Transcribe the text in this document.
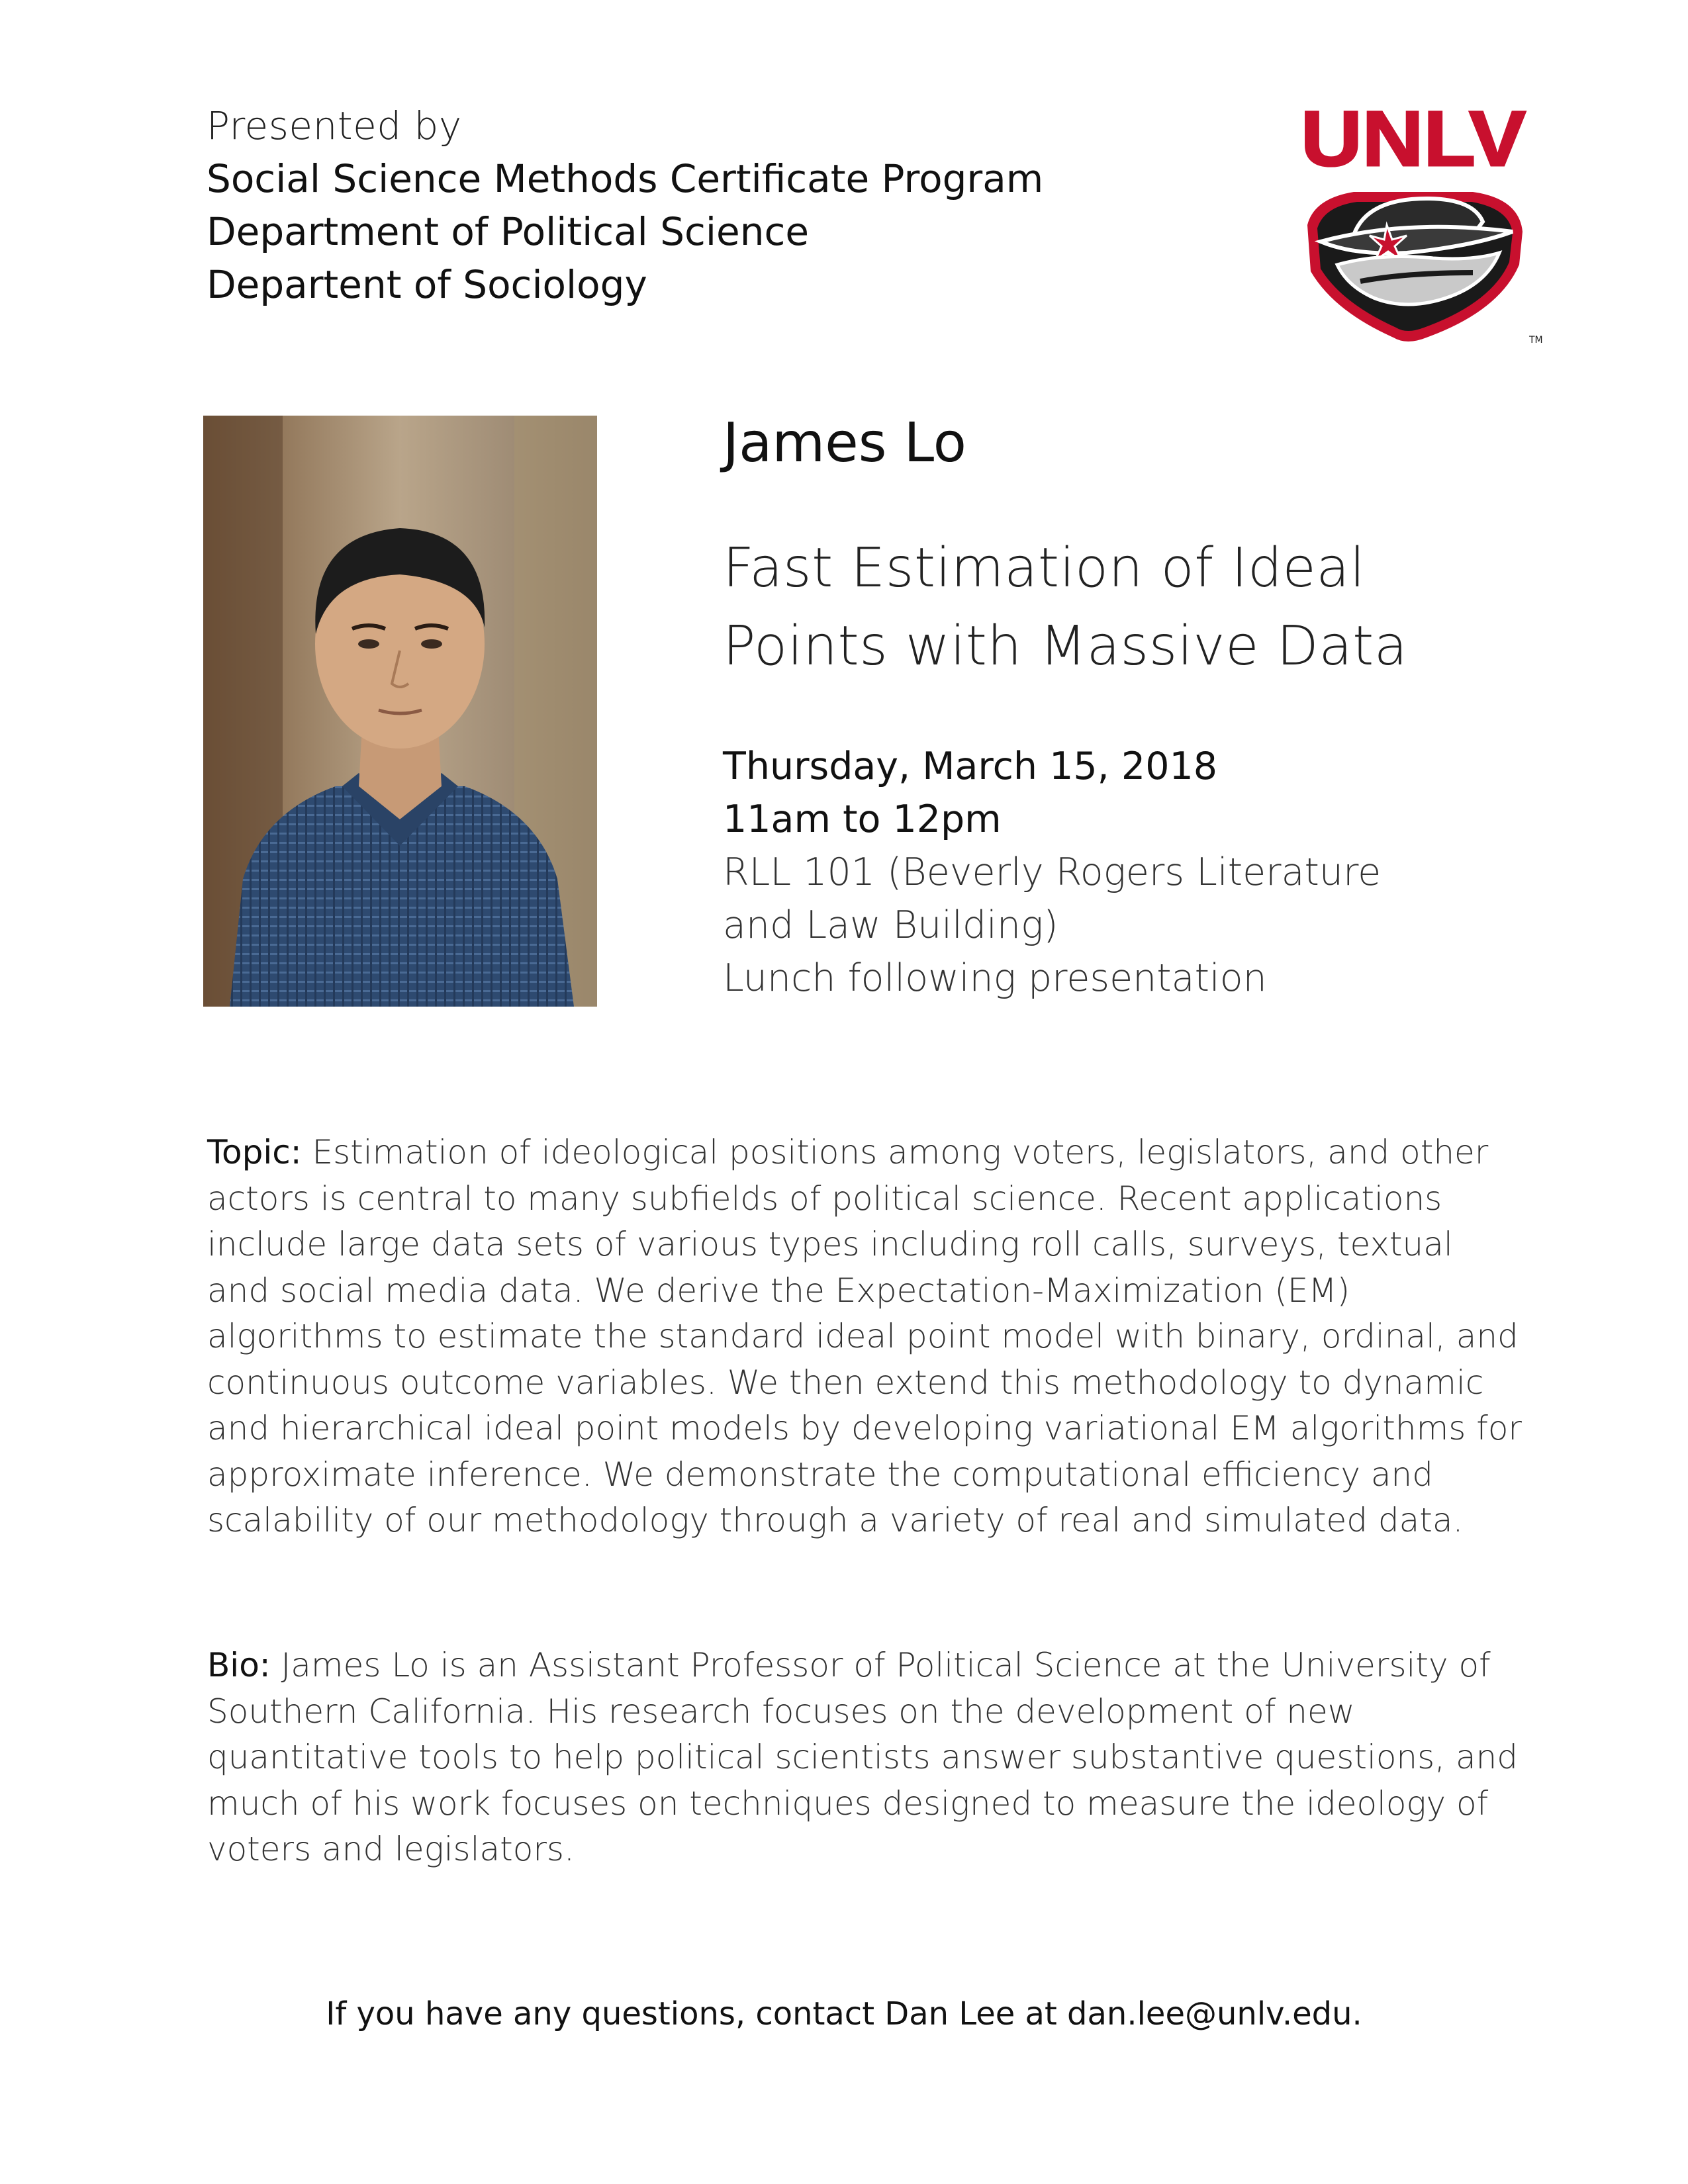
Presented by
Social Science Methods Certificate Program
Department of Political Science
Departent of Sociology
UNLV
TM
James Lo
Fast Estimation of Ideal
Points with Massive Data
Thursday, March 15, 2018
11am to 12pm
RLL 101 (Beverly Rogers Literature
and Law Building)
Lunch following presentation
Topic: Estimation of ideological positions among voters, legislators, and other actors is central to many subfields of political science. Recent applications include large data sets of various types including roll calls, surveys, textual and social media data. We derive the Expectation-Maximization (EM) algorithms to estimate the standard ideal point model with binary, ordinal, and continuous outcome variables. We then extend this methodology to dynamic and hierarchical ideal point models by developing variational EM algorithms for approximate inference. We demonstrate the computational efficiency and scalability of our methodology through a variety of real and simulated data.
Bio: James Lo is an Assistant Professor of Political Science at the University of Southern California. His research focuses on the development of new quantitative tools to help political scientists answer substantive questions, and much of his work focuses on techniques designed to measure the ideology of voters and legislators.
If you have any questions, contact Dan Lee at dan.lee@unlv.edu.
